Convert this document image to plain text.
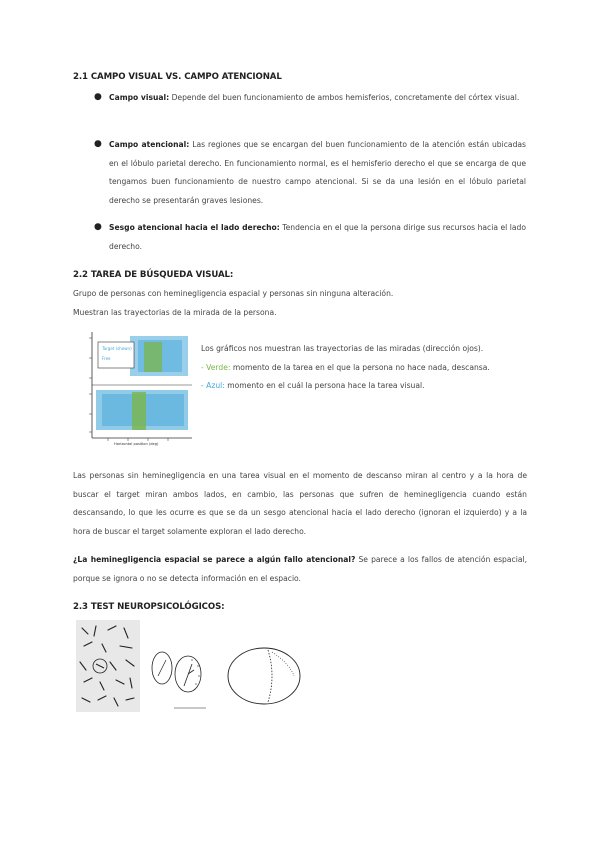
2.1 CAMPO VISUAL VS. CAMPO ATENCIONAL
● Campo visual: Depende del buen funcionamiento de ambos hemisferios, concretamente del córtex visual.
● Campo atencional: Las regiones que se encargan del buen funcionamiento de la atención están ubicadas en el lóbulo parietal derecho. En funcionamiento normal, es el hemisferio derecho el que se encarga de que tengamos buen funcionamiento de nuestro campo atencional. Si se da una lesión en el lóbulo parietal derecho se presentarán graves lesiones.
● Sesgo atencional hacia el lado derecho: Tendencia en el que la persona dirige sus recursos hacia el lado derecho.
2.2 TAREA DE BÚSQUEDA VISUAL:
Grupo de personas con heminegligencia espacial y personas sin ninguna alteración.
Muestran las trayectorias de la mirada de la persona.
Target (shown)
Free
Horizontal position (deg)
Los gráficos nos muestran las trayectorias de las miradas (dirección ojos).
- Verde: momento de la tarea en el que la persona no hace nada, descansa.
- Azul: momento en el cuál la persona hace la tarea visual.
Las personas sin heminegligencia en una tarea visual en el momento de descanso miran al centro y a la hora de buscar el target miran ambos lados, en cambio, las personas que sufren de heminegligencia cuando están descansando, lo que les ocurre es que se da un sesgo atencional hacia el lado derecho (ignoran el izquierdo) y a la hora de buscar el target solamente exploran el lado derecho.
¿La heminegligencia espacial se parece a algún fallo atencional? Se parece a los fallos de atención espacial, porque se ignora o no se detecta información en el espacio.
2.3 TEST NEUROPSICOLÓGICOS:
